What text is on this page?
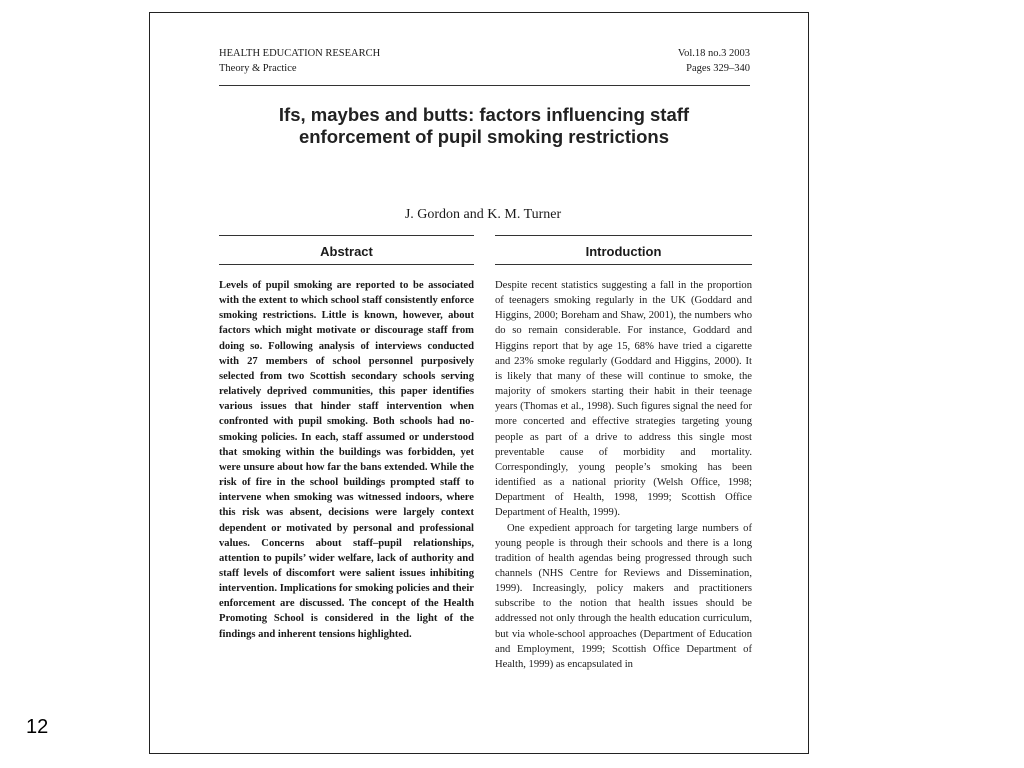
HEALTH EDUCATION RESEARCH
Theory & Practice
Vol.18 no.3 2003
Pages 329–340
Ifs, maybes and butts: factors influencing staff
enforcement of pupil smoking restrictions
J. Gordon and K. M. Turner
Abstract

Levels of pupil smoking are reported to be associated with the extent to which school staff consistently enforce smoking restrictions. Little is known, however, about factors which might motivate or discourage staff from doing so. Following analysis of interviews conducted with 27 members of school personnel purposively selected from two Scottish secondary schools serving relatively deprived communities, this paper identifies various issues that hinder staff intervention when confronted with pupil smoking. Both schools had no-smoking policies. In each, staff assumed or understood that smoking within the buildings was forbidden, yet were unsure about how far the bans extended. While the risk of fire in the school buildings prompted staff to intervene when smoking was witnessed indoors, where this risk was absent, decisions were largely context dependent or motivated by personal and professional values. Concerns about staff–pupil relationships, attention to pupils’ wider welfare, lack of authority and staff levels of discomfort were salient issues inhibiting intervention. Implications for smoking policies and their enforcement are discussed. The concept of the Health Promoting School is considered in the light of the findings and inherent tensions highlighted.

Introduction

Despite recent statistics suggesting a fall in the proportion of teenagers smoking regularly in the UK (Goddard and Higgins, 2000; Boreham and Shaw, 2001), the numbers who do so remain considerable. For instance, Goddard and Higgins report that by age 15, 68% have tried a cigarette and 23% smoke regularly (Goddard and Higgins, 2000). It is likely that many of these will continue to smoke, the majority of smokers starting their habit in their teenage years (Thomas et al., 1998). Such figures signal the need for more concerted and effective strategies targeting young people as part of a drive to address this single most preventable cause of morbidity and mortality. Correspondingly, young people’s smoking has been identified as a national priority (Welsh Office, 1998; Department of Health, 1998, 1999; Scottish Office Department of Health, 1999).

One expedient approach for targeting large numbers of young people is through their schools and there is a long tradition of health agendas being progressed through such channels (NHS Centre for Reviews and Dissemination, 1999). Increasingly, policy makers and practitioners subscribe to the notion that health issues should be addressed not only through the health education curriculum, but via whole-school approaches (Department of Education and Employment, 1999; Scottish Office Department of Health, 1999) as encapsulated in

12
